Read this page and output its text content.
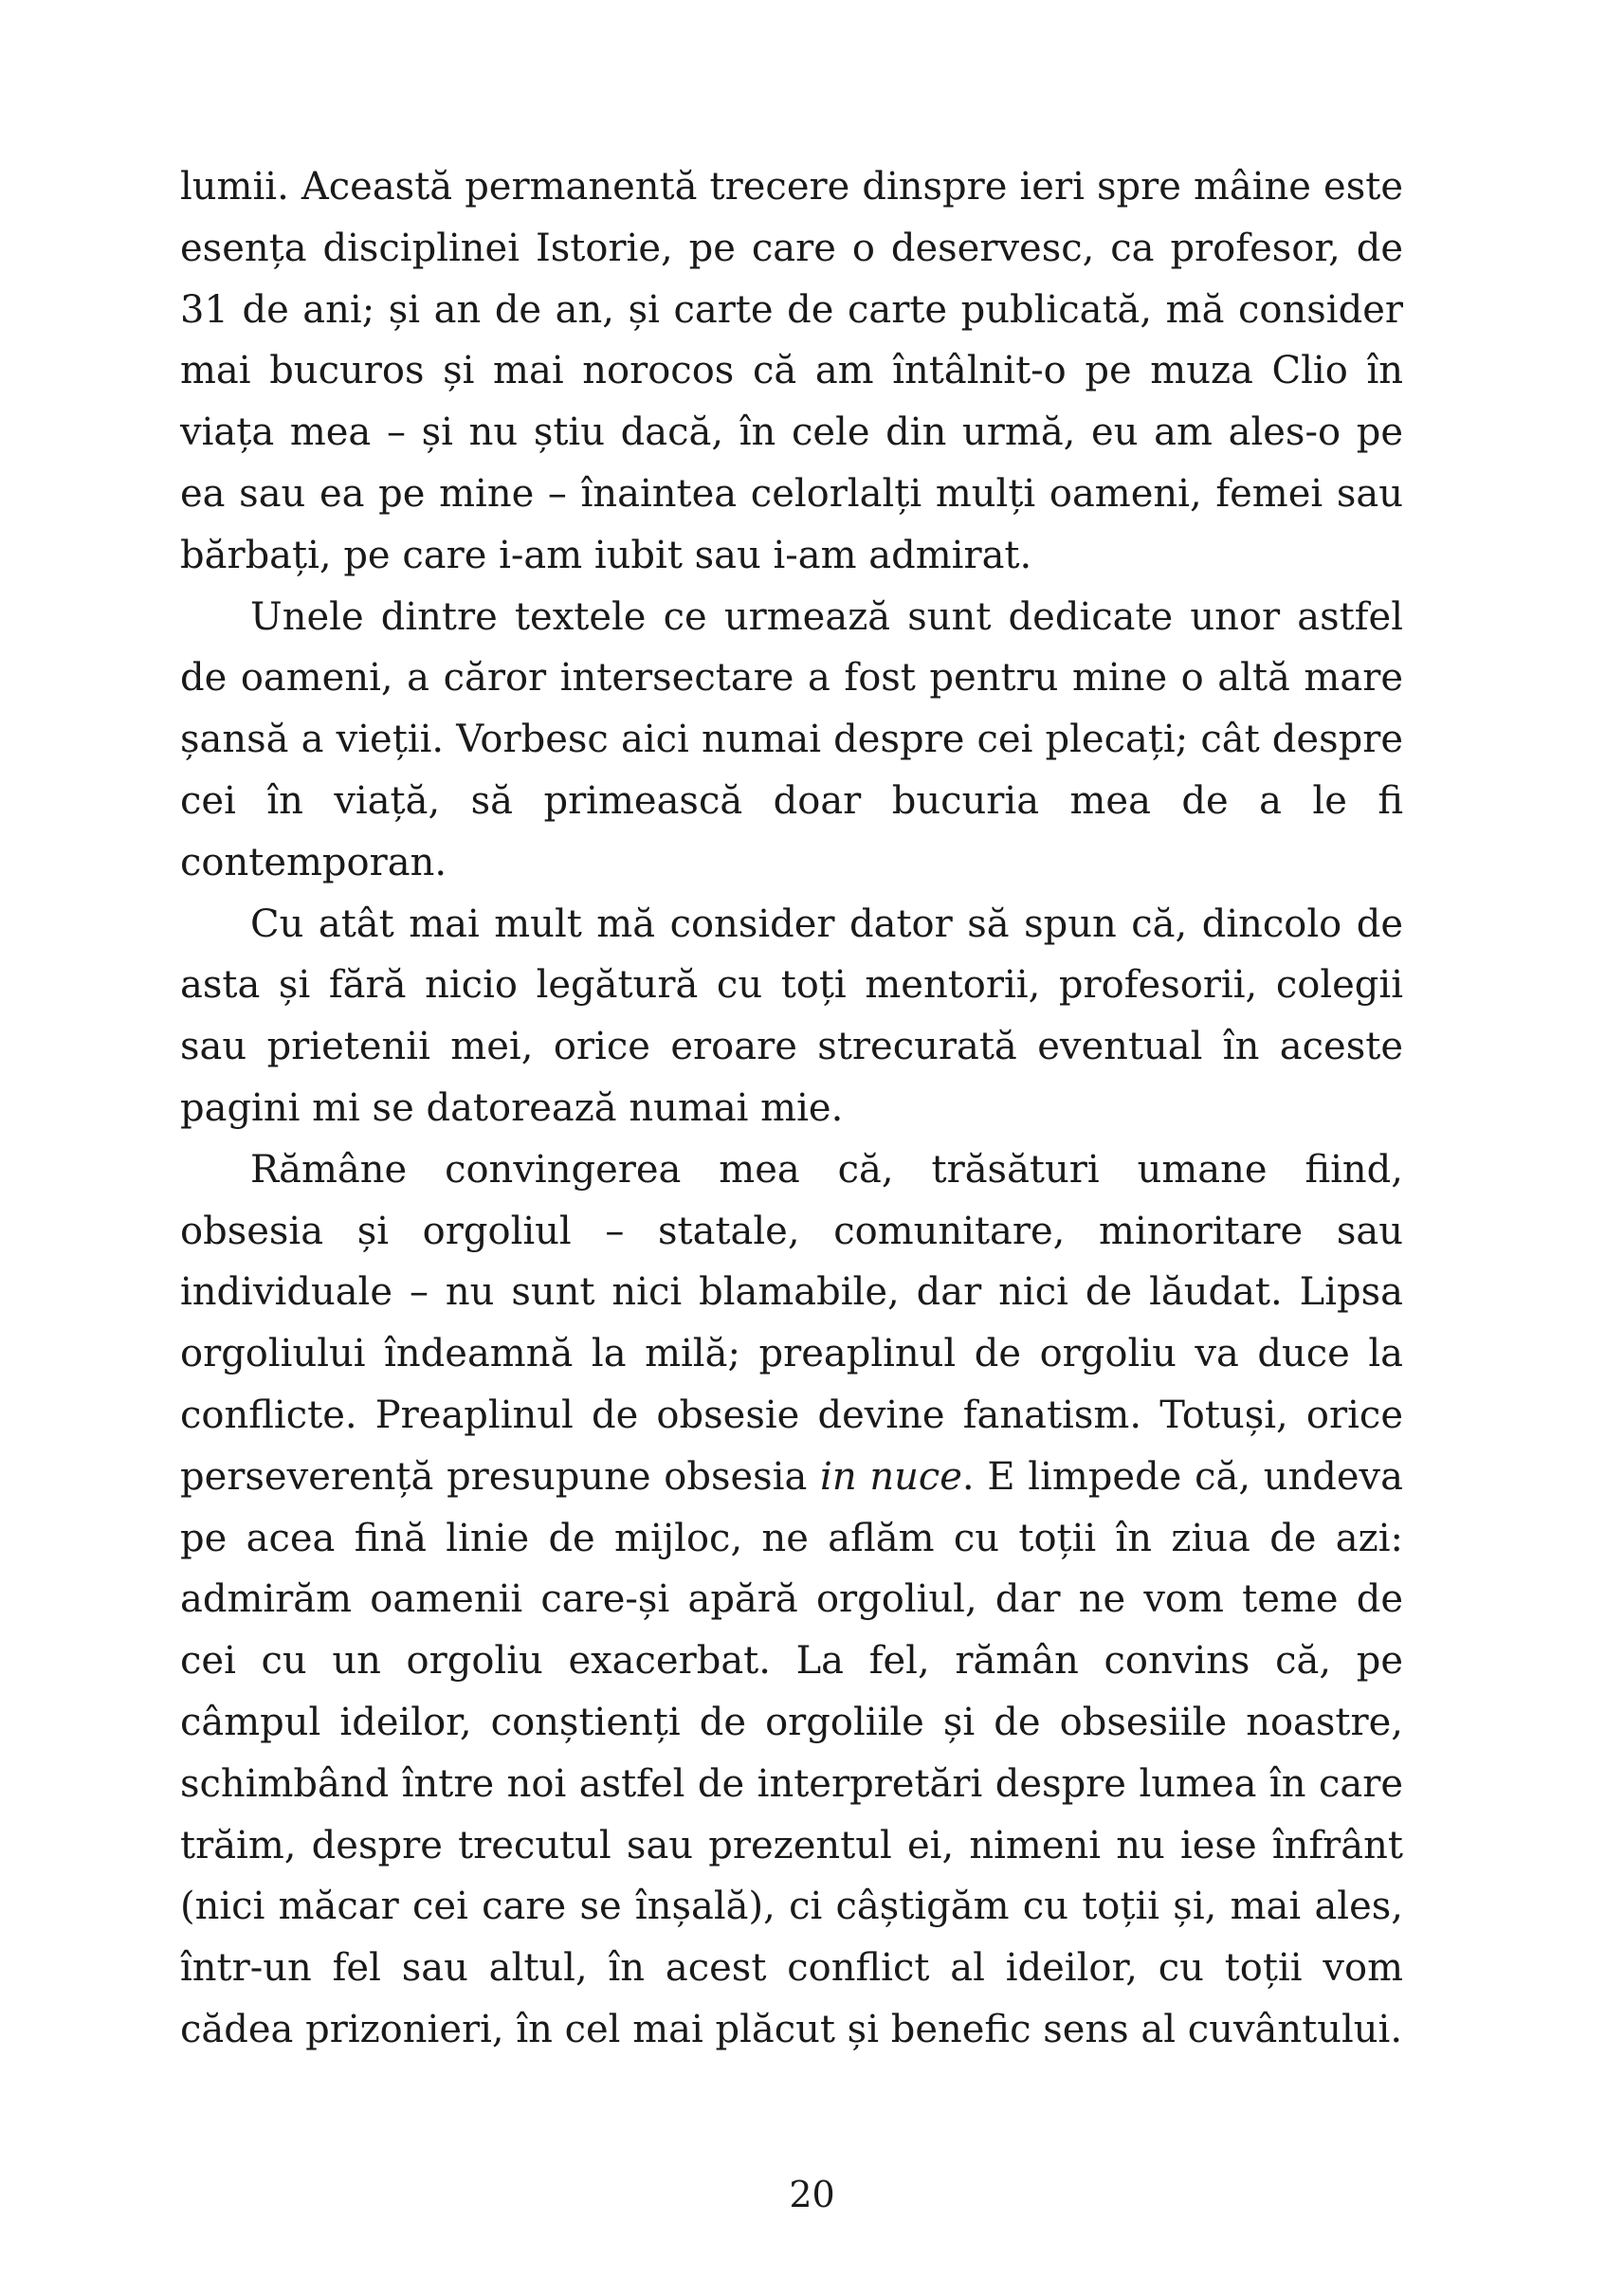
lumii. Această permanentă trecere dinspre ieri spre mâine este esența disciplinei Istorie, pe care o deservesc, ca profesor, de 31 de ani; și an de an, și carte de carte publicată, mă consider mai bucuros și mai norocos că am întâlnit-o pe muza Clio în viața mea – și nu știu dacă, în cele din urmă, eu am ales-o pe ea sau ea pe mine – înaintea celorlalți mulți oameni, femei sau bărbați, pe care i-am iubit sau i-am admirat.

Unele dintre textele ce urmează sunt dedicate unor astfel de oameni, a căror intersectare a fost pentru mine o altă mare șansă a vieții. Vorbesc aici numai despre cei plecați; cât despre cei în viață, să primească doar bucuria mea de a le fi contemporan.

Cu atât mai mult mă consider dator să spun că, dincolo de asta și fără nicio legătură cu toți mentorii, profesorii, colegii sau prietenii mei, orice eroare strecurată eventual în aceste pagini mi se datorează numai mie.

Rămâne convingerea mea că, trăsături umane fiind, obsesia și orgoliul – statale, comunitare, minoritare sau individuale – nu sunt nici blamabile, dar nici de lăudat. Lipsa orgoliului îndeamnă la milă; preaplinul de orgoliu va duce la conflicte. Preaplinul de obsesie devine fanatism. Totuși, orice perseverență presupune obsesia in nuce. E limpede că, undeva pe acea fină linie de mijloc, ne aflăm cu toții în ziua de azi: admirăm oamenii care-și apără orgoliul, dar ne vom teme de cei cu un orgoliu exacerbat. La fel, rămân convins că, pe câmpul ideilor, conștienți de orgoliile și de obsesiile noastre, schimbând între noi astfel de interpretări despre lumea în care trăim, despre trecutul sau prezentul ei, nimeni nu iese înfrânt (nici măcar cei care se înșală), ci câștigăm cu toții și, mai ales, într-un fel sau altul, în acest conflict al ideilor, cu toții vom cădea prizonieri, în cel mai plăcut și benefic sens al cuvântului.

20
